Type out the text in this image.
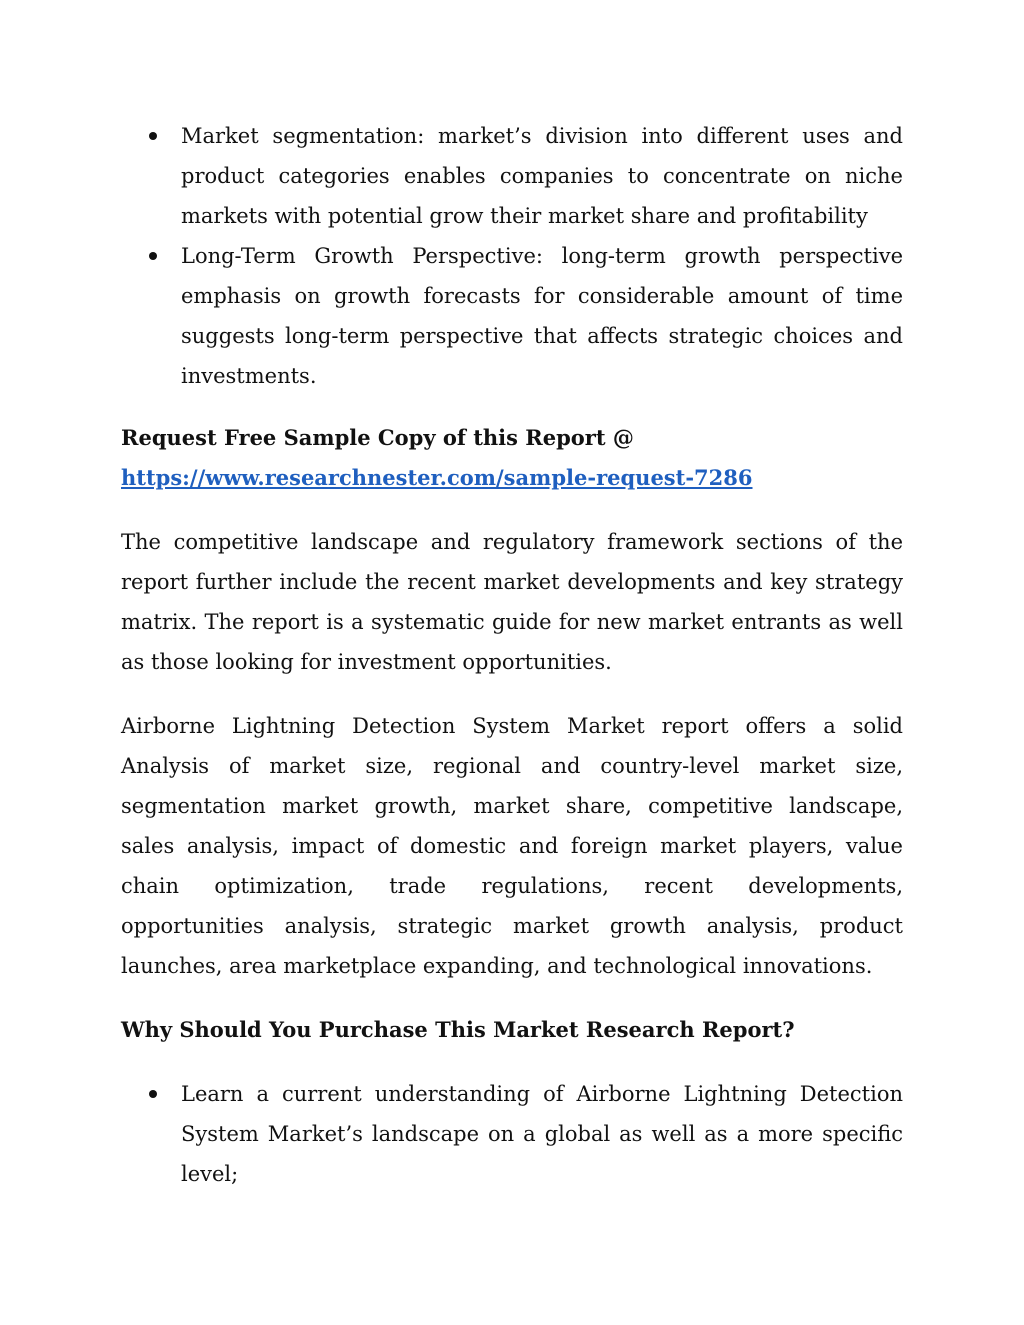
Market segmentation: market’s division into different uses and product categories enables companies to concentrate on niche markets with potential grow their market share and profitability
Long-Term Growth Perspective: long-term growth perspective emphasis on growth forecasts for considerable amount of time suggests long-term perspective that affects strategic choices and investments.

Request Free Sample Copy of this Report @

https://www.researchnester.com/sample-request-7286

The competitive landscape and regulatory framework sections of the report further include the recent market developments and key strategy matrix. The report is a systematic guide for new market entrants as well as those looking for investment opportunities.

Airborne Lightning Detection System Market report offers a solid Analysis of market size, regional and country-level market size, segmentation market growth, market share, competitive landscape, sales analysis, impact of domestic and foreign market players, value chain optimization, trade regulations, recent developments, opportunities analysis, strategic market growth analysis, product launches, area marketplace expanding, and technological innovations.

Why Should You Purchase This Market Research Report?

Learn a current understanding of Airborne Lightning Detection System Market’s landscape on a global as well as a more specific level;
